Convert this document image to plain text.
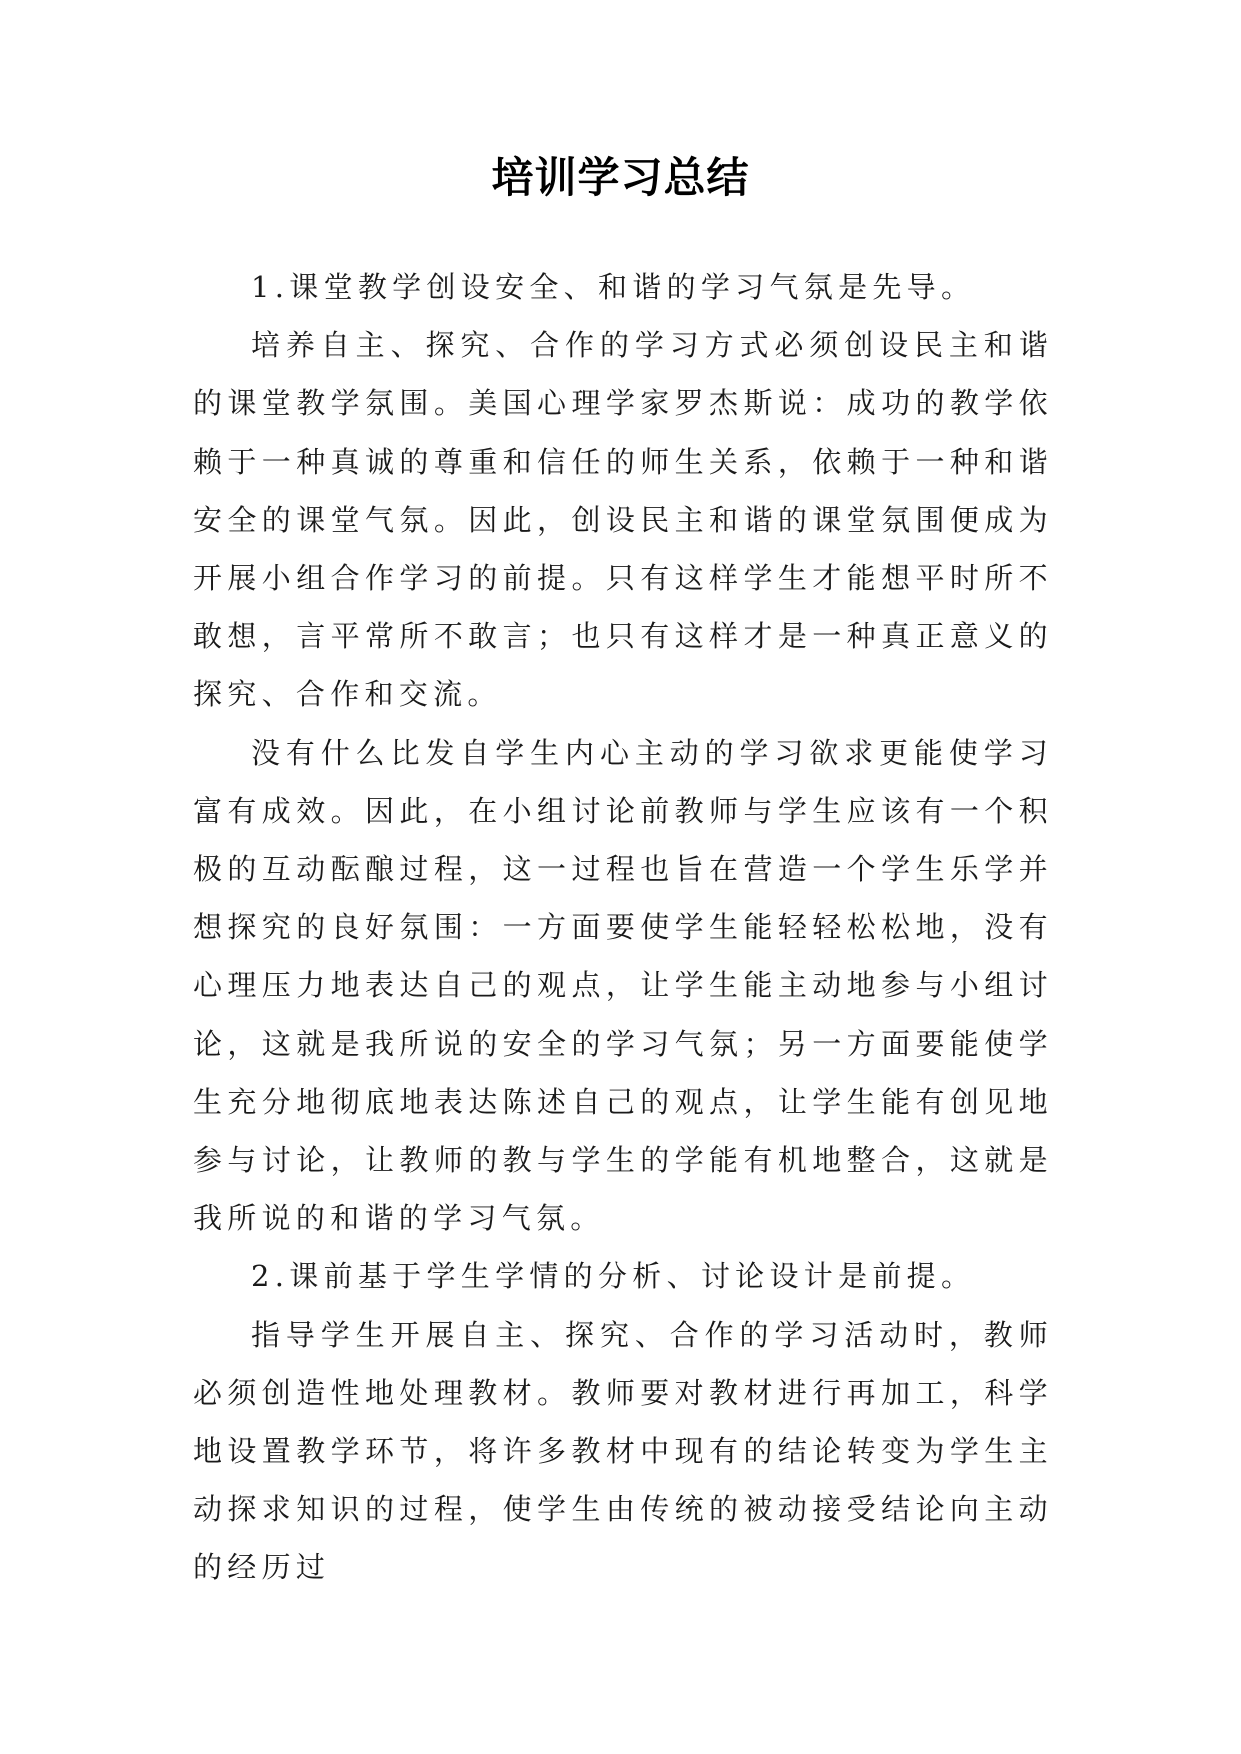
培训学习总结

1.课堂教学创设安全、和谐的学习气氛是先导。

培养自主、探究、合作的学习方式必须创设民主和谐的课堂教学氛围。美国心理学家罗杰斯说：成功的教学依赖于一种真诚的尊重和信任的师生关系，依赖于一种和谐安全的课堂气氛。因此，创设民主和谐的课堂氛围便成为开展小组合作学习的前提。只有这样学生才能想平时所不敢想，言平常所不敢言；也只有这样才是一种真正意义的探究、合作和交流。

没有什么比发自学生内心主动的学习欲求更能使学习富有成效。因此，在小组讨论前教师与学生应该有一个积极的互动酝酿过程，这一过程也旨在营造一个学生乐学并想探究的良好氛围：一方面要使学生能轻轻松松地，没有心理压力地表达自己的观点，让学生能主动地参与小组讨论，这就是我所说的安全的学习气氛；另一方面要能使学生充分地彻底地表达陈述自己的观点，让学生能有创见地参与讨论，让教师的教与学生的学能有机地整合，这就是我所说的和谐的学习气氛。

2.课前基于学生学情的分析、讨论设计是前提。

指导学生开展自主、探究、合作的学习活动时，教师必须创造性地处理教材。教师要对教材进行再加工，科学地设置教学环节，将许多教材中现有的结论转变为学生主动探求知识的过程，使学生由传统的被动接受结论向主动的经历过
